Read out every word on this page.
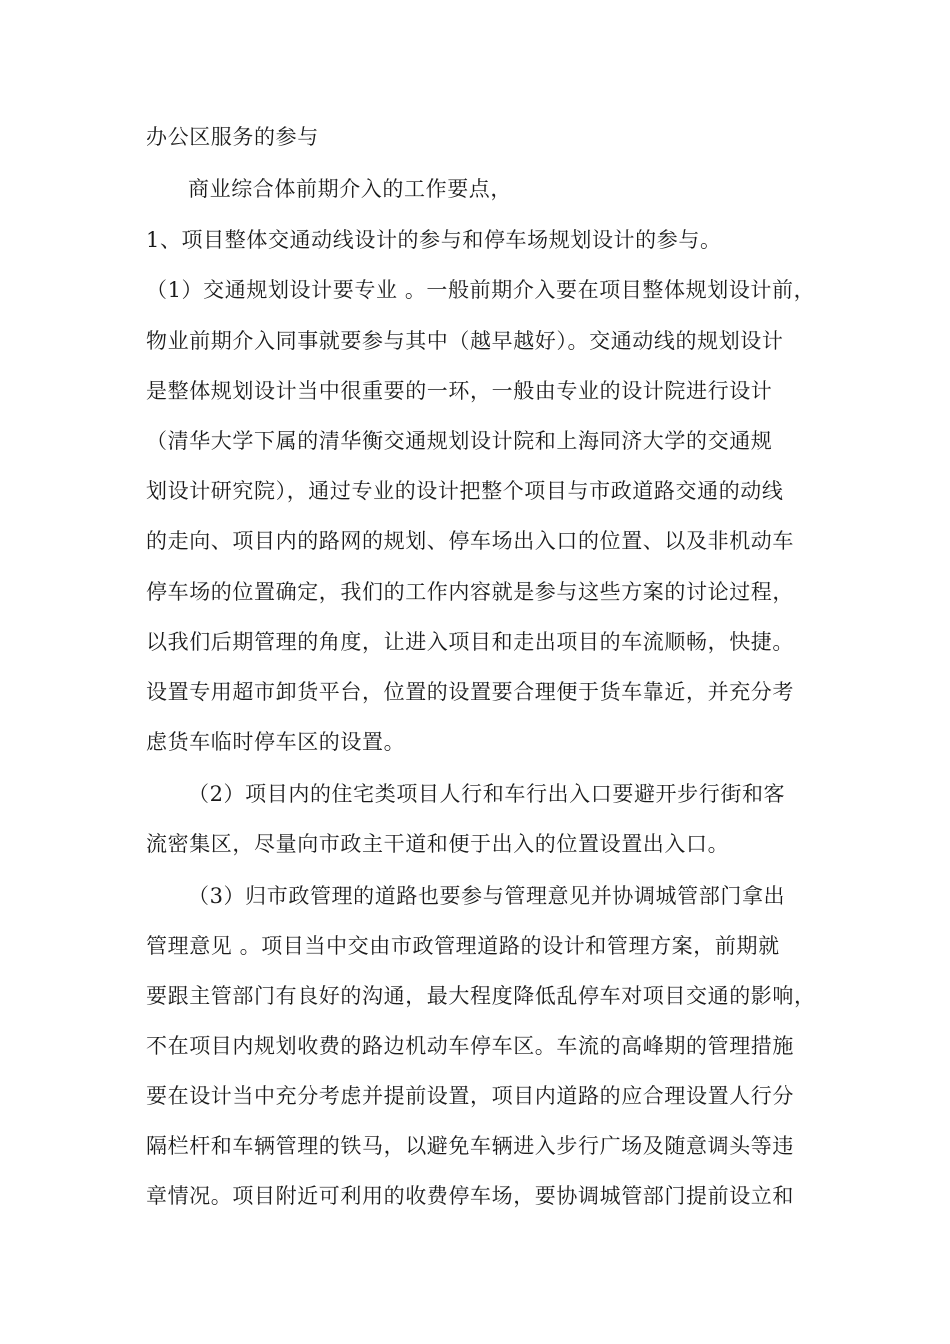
办公区服务的参与
商业综合体前期介入的工作要点，
1、项目整体交通动线设计的参与和停车场规划设计的参与。
（1）交通规划设计要专业 。一般前期介入要在项目整体规划设计前，
物业前期介入同事就要参与其中（越早越好）。交通动线的规划设计
是整体规划设计当中很重要的一环，一般由专业的设计院进行设计
（清华大学下属的清华衡交通规划设计院和上海同济大学的交通规
划设计研究院），通过专业的设计把整个项目与市政道路交通的动线
的走向、项目内的路网的规划、停车场出入口的位置、以及非机动车
停车场的位置确定，我们的工作内容就是参与这些方案的讨论过程，
以我们后期管理的角度，让进入项目和走出项目的车流顺畅，快捷。
设置专用超市卸货平台，位置的设置要合理便于货车靠近，并充分考
虑货车临时停车区的设置。
（2）项目内的住宅类项目人行和车行出入口要避开步行街和客
流密集区，尽量向市政主干道和便于出入的位置设置出入口。
（3）归市政管理的道路也要参与管理意见并协调城管部门拿出
管理意见 。项目当中交由市政管理道路的设计和管理方案，前期就
要跟主管部门有良好的沟通，最大程度降低乱停车对项目交通的影响，
不在项目内规划收费的路边机动车停车区。车流的高峰期的管理措施
要在设计当中充分考虑并提前设置，项目内道路的应合理设置人行分
隔栏杆和车辆管理的铁马，以避免车辆进入步行广场及随意调头等违
章情况。项目附近可利用的收费停车场，要协调城管部门提前设立和
